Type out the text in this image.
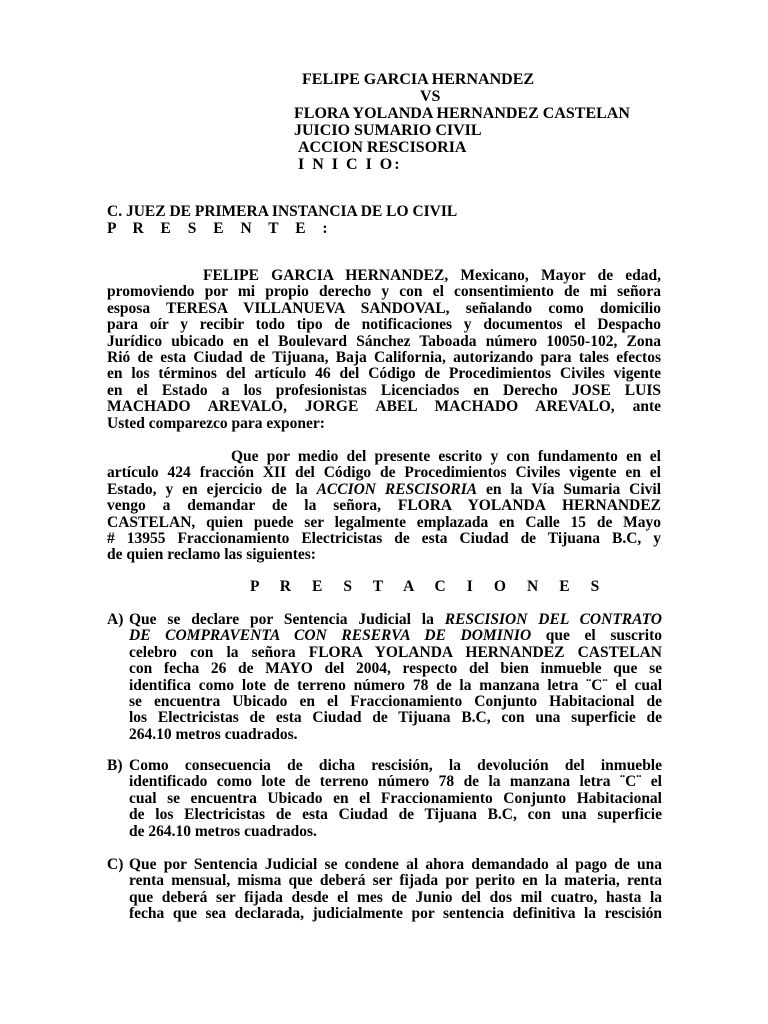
FELIPE GARCIA HERNANDEZ
VS
FLORA YOLANDA HERNANDEZ CASTELAN
JUICIO SUMARIO CIVIL
ACCION RESCISORIA
I N I C I O:
C. JUEZ DE PRIMERA INSTANCIA DE LO CIVIL
P R E S E N T E :
FELIPE GARCIA HERNANDEZ, Mexicano, Mayor de edad,
promoviendo por mi propio derecho y con el consentimiento de mi señora
esposa TERESA VILLANUEVA SANDOVAL, señalando como domicilio
para oír y recibir todo tipo de notificaciones y documentos el Despacho
Jurídico ubicado en el Boulevard Sánchez Taboada número 10050-102, Zona
Rió de esta Ciudad de Tijuana, Baja California, autorizando para tales efectos
en los términos del artículo 46 del Código de Procedimientos Civiles vigente
en el Estado a los profesionistas Licenciados en Derecho JOSE LUIS
MACHADO AREVALO, JORGE ABEL MACHADO AREVALO, ante
Usted comparezco para exponer:
Que por medio del presente escrito y con fundamento en el
artículo 424 fracción XII del Código de Procedimientos Civiles vigente en el
Estado, y en ejercicio de la ACCION RESCISORIA en la Vía Sumaria Civil
vengo a demandar de la señora, FLORA YOLANDA HERNANDEZ
CASTELAN, quien puede ser legalmente emplazada en Calle 15 de Mayo
# 13955 Fraccionamiento Electricistas de esta Ciudad de Tijuana B.C, y
de quien reclamo las siguientes:
P R E S T A C I O N E S
A) Que se declare por Sentencia Judicial la RESCISION DEL CONTRATO
DE COMPRAVENTA CON RESERVA DE DOMINIO que el suscrito
celebro con la señora FLORA YOLANDA HERNANDEZ CASTELAN
con fecha 26 de MAYO del 2004, respecto del bien inmueble que se
identifica como lote de terreno número 78 de la manzana letra ¨C¨ el cual
se encuentra Ubicado en el Fraccionamiento Conjunto Habitacional de
los Electricistas de esta Ciudad de Tijuana B.C, con una superficie de
264.10 metros cuadrados.
B) Como consecuencia de dicha rescisión, la devolución del inmueble
identificado como lote de terreno número 78 de la manzana letra ¨C¨ el
cual se encuentra Ubicado en el Fraccionamiento Conjunto Habitacional
de los Electricistas de esta Ciudad de Tijuana B.C, con una superficie
de 264.10 metros cuadrados.
C) Que por Sentencia Judicial se condene al ahora demandado al pago de una
renta mensual, misma que deberá ser fijada por perito en la materia, renta
que deberá ser fijada desde el mes de Junio del dos mil cuatro, hasta la
fecha que sea declarada, judicialmente por sentencia definitiva la rescisión
